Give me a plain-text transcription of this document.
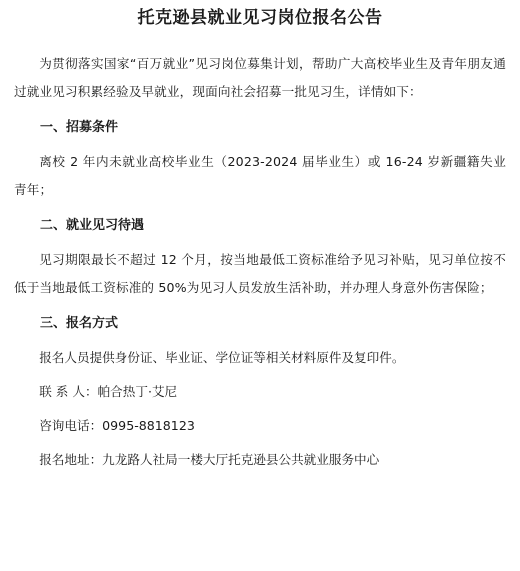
托克逊县就业见习岗位报名公告

为贯彻落实国家“百万就业”见习岗位募集计划，帮助广大高校毕业生及青年朋友通过就业见习积累经验及早就业，现面向社会招募一批见习生，详情如下：

一、招募条件

离校 2 年内未就业高校毕业生（2023-2024 届毕业生）或 16-24 岁新疆籍失业青年；

二、就业见习待遇

见习期限最长不超过 12 个月，按当地最低工资标准给予见习补贴，见习单位按不低于当地最低工资标准的 50%为见习人员发放生活补助，并办理人身意外伤害保险；

三、报名方式
报名人员提供身份证、毕业证、学位证等相关材料原件及复印件。
联 系 人：帕合热丁·艾尼
咨询电话：0995-8818123
报名地址：九龙路人社局一楼大厅托克逊县公共就业服务中心
